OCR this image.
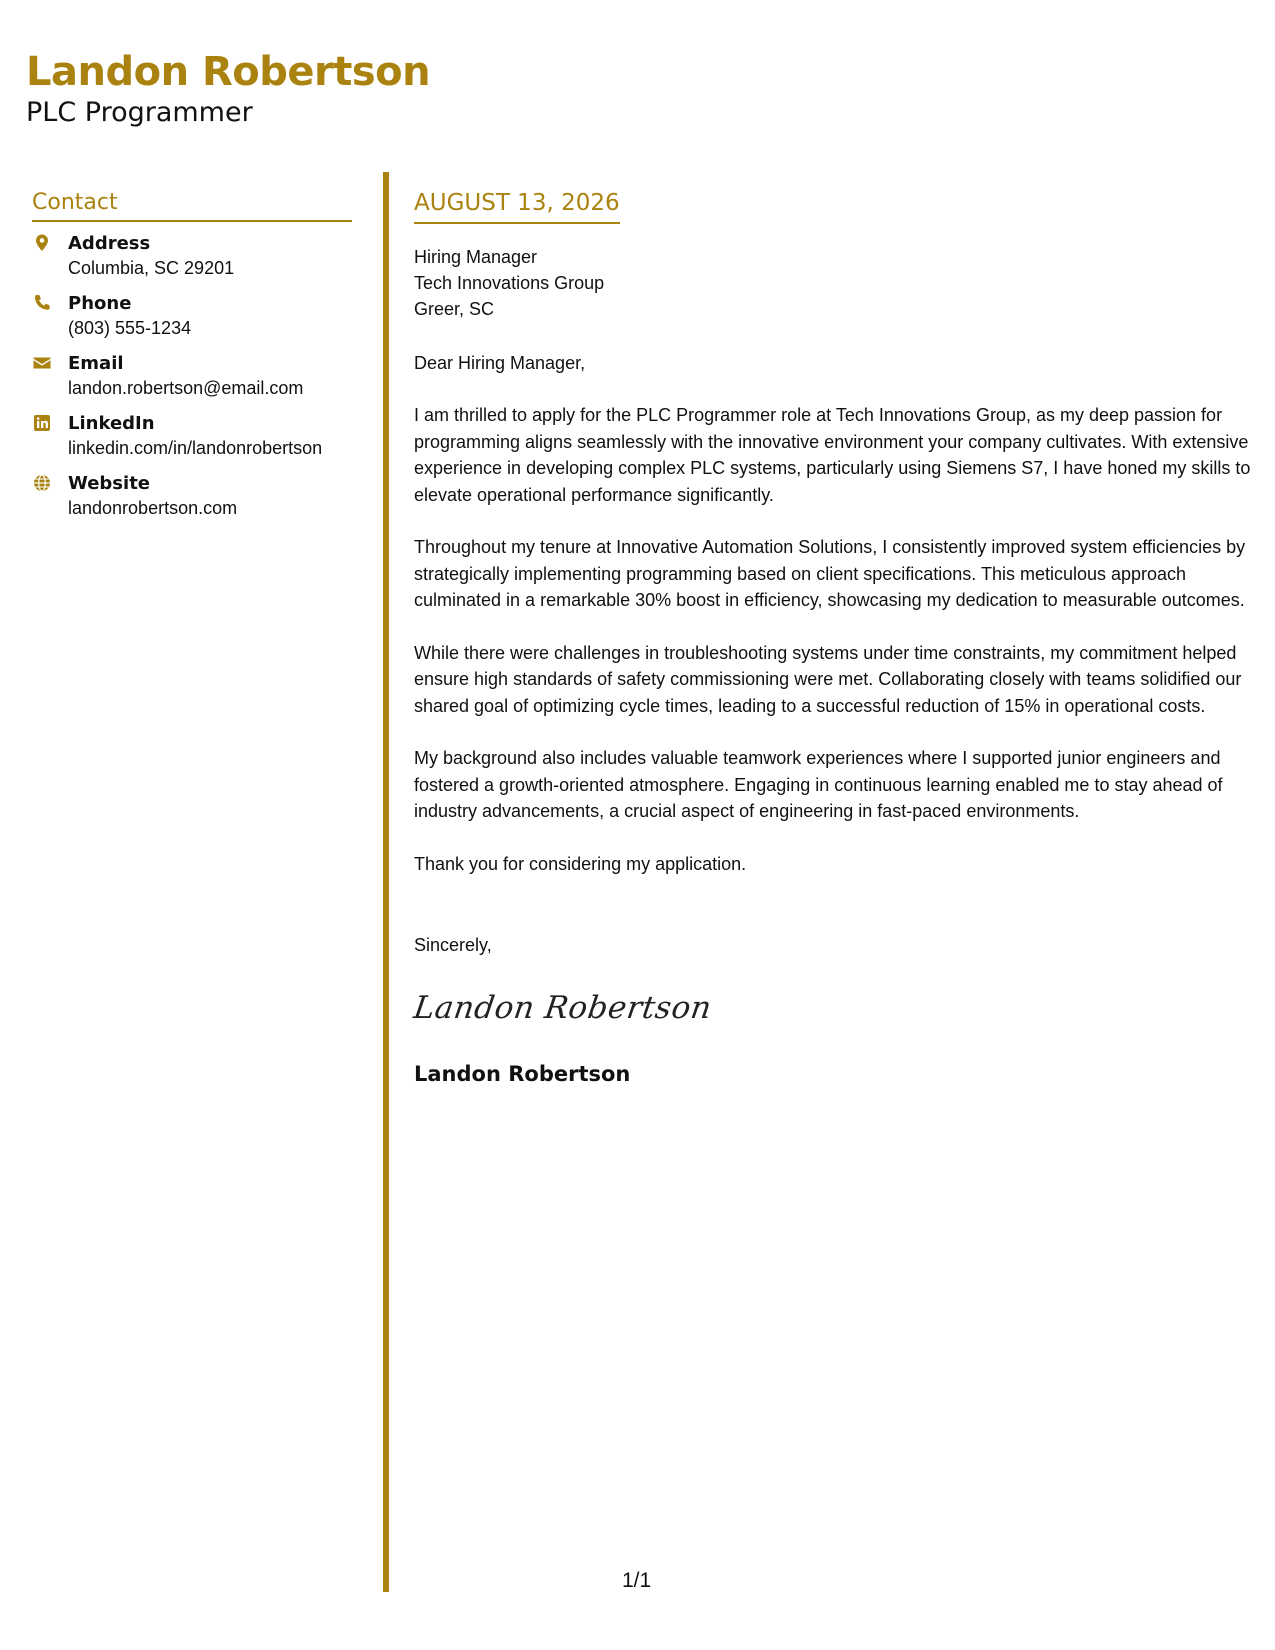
Landon Robertson
PLC Programmer
Contact
Address
Columbia, SC 29201
Phone
(803) 555-1234
Email
landon.robertson@email.com
LinkedIn
linkedin.com/in/landonrobertson
Website
landonrobertson.com
AUGUST 13, 2026
Hiring Manager
Tech Innovations Group
Greer, SC
Dear Hiring Manager,

I am thrilled to apply for the PLC Programmer role at Tech Innovations Group, as my deep passion for programming aligns seamlessly with the innovative environment your company cultivates. With extensive experience in developing complex PLC systems, particularly using Siemens S7, I have honed my skills to elevate operational performance significantly.

Throughout my tenure at Innovative Automation Solutions, I consistently improved system efficiencies by strategically implementing programming based on client specifications. This meticulous approach culminated in a remarkable 30% boost in efficiency, showcasing my dedication to measurable outcomes.

While there were challenges in troubleshooting systems under time constraints, my commitment helped ensure high standards of safety commissioning were met. Collaborating closely with teams solidified our shared goal of optimizing cycle times, leading to a successful reduction of 15% in operational costs.

My background also includes valuable teamwork experiences where I supported junior engineers and fostered a growth-oriented atmosphere. Engaging in continuous learning enabled me to stay ahead of industry advancements, a crucial aspect of engineering in fast-paced environments.

Thank you for considering my application.

Sincerely,
Landon Robertson
Landon Robertson
1/1
